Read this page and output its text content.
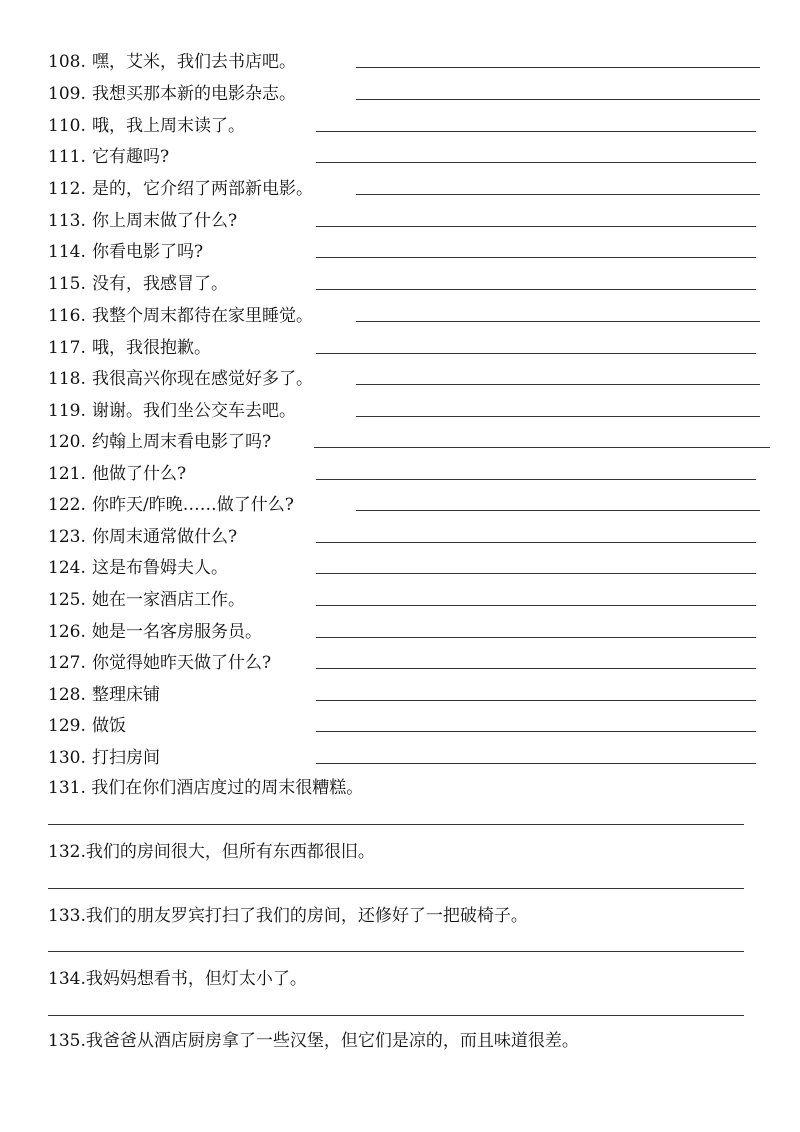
108. 嘿，艾米，我们去书店吧。
109. 我想买那本新的电影杂志。
110. 哦，我上周末读了。
111. 它有趣吗?
112. 是的，它介绍了两部新电影。
113. 你上周末做了什么?
114. 你看电影了吗?
115. 没有，我感冒了。
116. 我整个周末都待在家里睡觉。
117. 哦，我很抱歉。
118. 我很高兴你现在感觉好多了。
119. 谢谢。我们坐公交车去吧。
120. 约翰上周末看电影了吗?
121. 他做了什么?
122. 你昨天/昨晚……做了什么?
123. 你周末通常做什么?
124. 这是布鲁姆夫人。
125. 她在一家酒店工作。
126. 她是一名客房服务员。
127. 你觉得她昨天做了什么?
128. 整理床铺
129. 做饭
130. 打扫房间
131. 我们在你们酒店度过的周末很糟糕。
132.我们的房间很大，但所有东西都很旧。
133.我们的朋友罗宾打扫了我们的房间，还修好了一把破椅子。
134.我妈妈想看书，但灯太小了。
135.我爸爸从酒店厨房拿了一些汉堡，但它们是凉的，而且味道很差。
